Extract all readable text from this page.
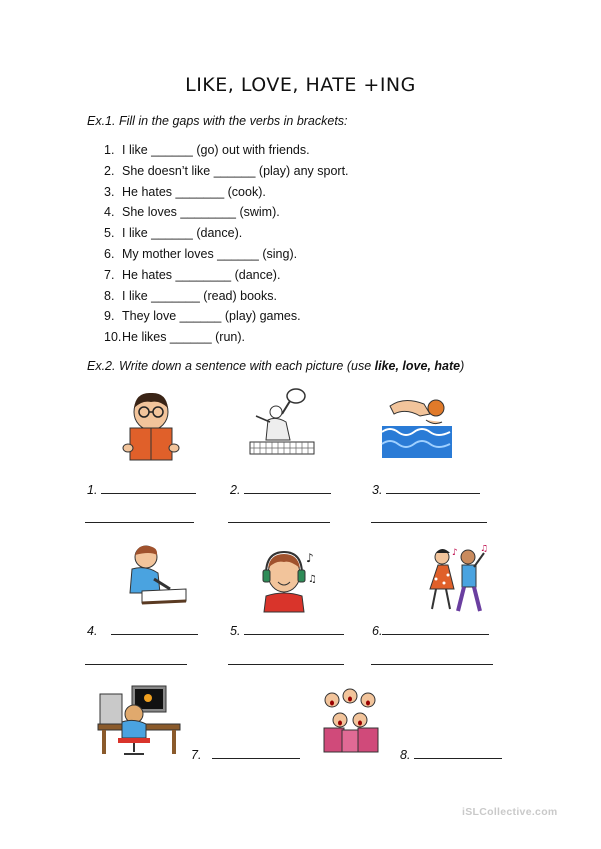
LIKE, LOVE, HATE +ING

Ex.1. Fill in the gaps with the verbs in brackets:

1. I like ______ (go) out with friends.
2. She doesn’t like ______ (play) any sport.
3. He hates _______ (cook).
4. She loves ________ (swim).
5. I like ______ (dance).
6. My mother loves ______ (sing).
7. He hates ________ (dance).
8. I like _______ (read) books.
9. They love ______ (play) games.
10.He likes ______ (run).

Ex.2. Write down a sentence with each picture (use like, love, hate)

♪
♫
♪ ♫
1.	2.	3.
4.	5.	6.
7.	8.
iSLCollective.com
